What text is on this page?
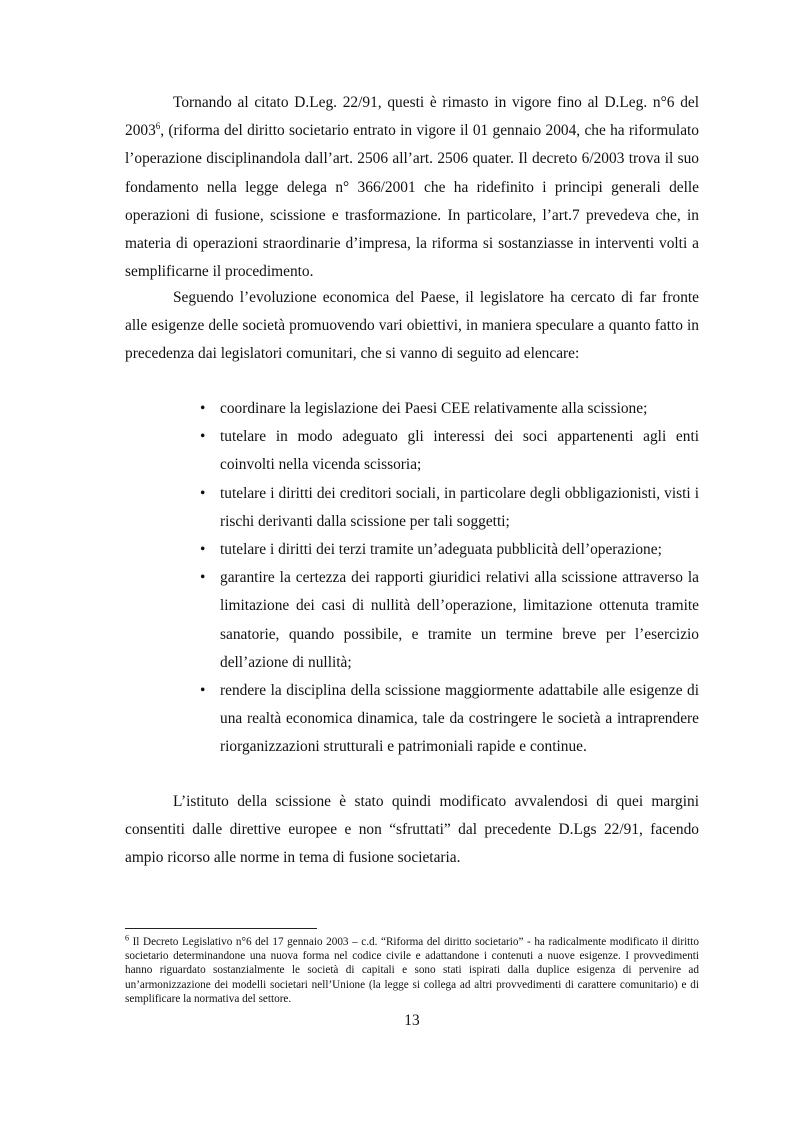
Tornando al citato D.Leg. 22/91, questi è rimasto in vigore fino al D.Leg. n°6 del 2003$^6$, (riforma del diritto societario entrato in vigore il 01 gennaio 2004, che ha riformulato l’operazione disciplinandola dall’art. 2506 all’art. 2506 quater. Il decreto 6/2003 trova il suo fondamento nella legge delega n° 366/2001 che ha ridefinito i principi generali delle operazioni di fusione, scissione e trasformazione. In particolare, l’art.7 prevedeva che, in materia di operazioni straordinarie d’impresa, la riforma si sostanziasse in interventi volti a semplificarne il procedimento.

Seguendo l’evoluzione economica del Paese, il legislatore ha cercato di far fronte alle esigenze delle società promuovendo vari obiettivi, in maniera speculare a quanto fatto in precedenza dai legislatori comunitari, che si vanno di seguito ad elencare:

• coordinare la legislazione dei Paesi CEE relativamente alla scissione;
• tutelare in modo adeguato gli interessi dei soci appartenenti agli enti coinvolti nella vicenda scissoria;
• tutelare i diritti dei creditori sociali, in particolare degli obbligazionisti, visti i rischi derivanti dalla scissione per tali soggetti;
• tutelare i diritti dei terzi tramite un’adeguata pubblicità dell’operazione;
• garantire la certezza dei rapporti giuridici relativi alla scissione attraverso la limitazione dei casi di nullità dell’operazione, limitazione ottenuta tramite sanatorie, quando possibile, e tramite un termine breve per l’esercizio dell’azione di nullità;
• rendere la disciplina della scissione maggiormente adattabile alle esigenze di una realtà economica dinamica, tale da costringere le società a intraprendere riorganizzazioni strutturali e patrimoniali rapide e continue.

L’istituto della scissione è stato quindi modificato avvalendosi di quei margini consentiti dalle direttive europee e non “sfruttati” dal precedente D.Lgs 22/91, facendo ampio ricorso alle norme in tema di fusione societaria.

$^6$ Il Decreto Legislativo n°6 del 17 gennaio 2003 – c.d. “Riforma del diritto societario” - ha radicalmente modificato il diritto societario determinandone una nuova forma nel codice civile e adattandone i contenuti a nuove esigenze. I provvedimenti hanno riguardato sostanzialmente le società di capitali e sono stati ispirati dalla duplice esigenza di pervenire ad un’armonizzazione dei modelli societari nell’Unione (la legge si collega ad altri provvedimenti di carattere comunitario) e di semplificare la normativa del settore.

13
